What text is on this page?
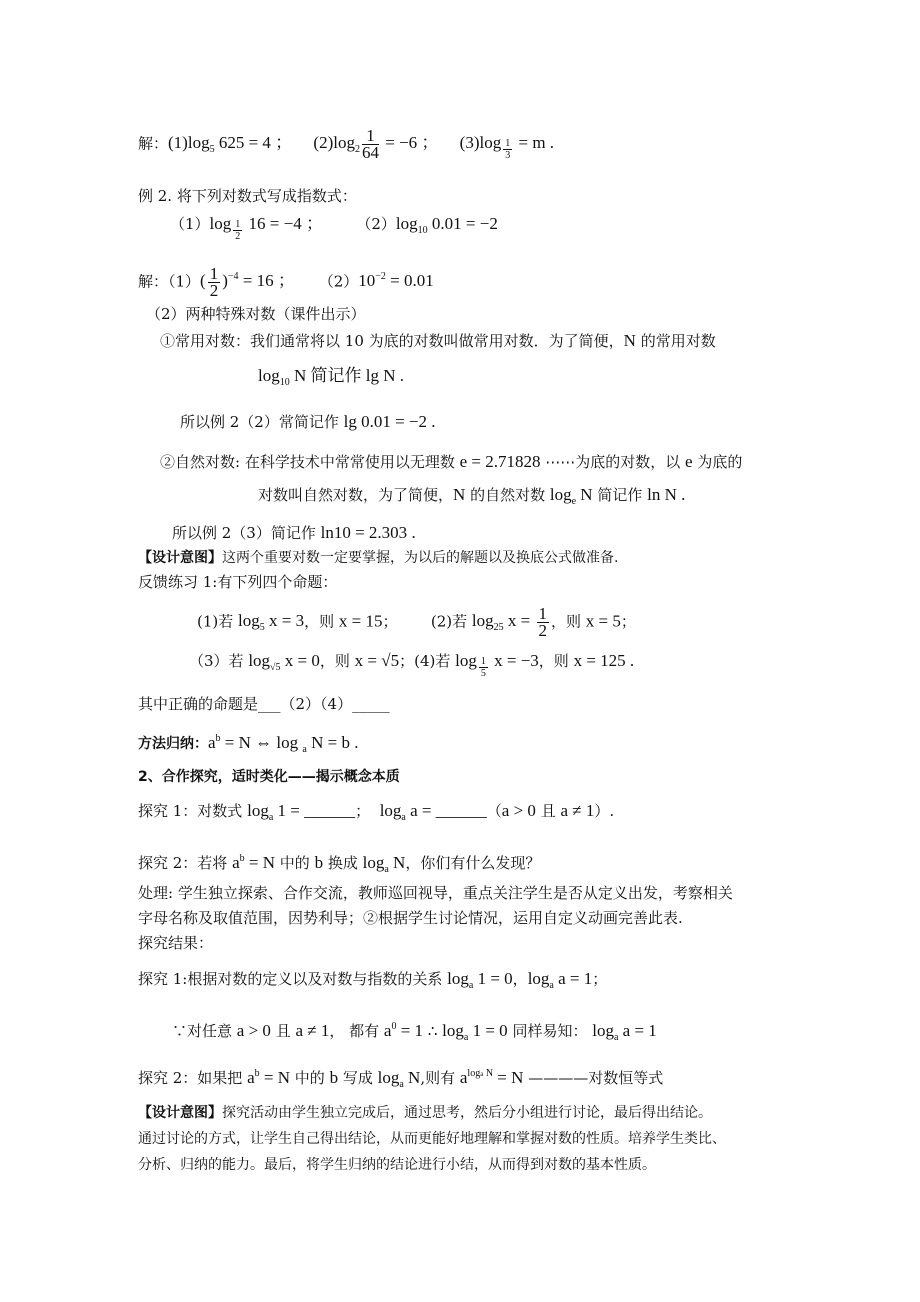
解：$(1)\log_5$ 625 = 4 ； $(2)\log_2 \frac{1}{64} = -6$ ； $(3)\log \frac{1}{3} = m$ .
例 2. 将下列对数式写成指数式：
$(1)\log \frac{1}{2} 16 = -4$ ； $(2)\log_{10}$ 0.01 = −2
解：$(1)( \frac{1}{2} )^{-4} = 16$ ； $(2)10^{-2} = 0.01$
（2）两种特殊对数（课件出示）
①常用对数：我们通常将以 10 为底的对数叫做常用对数．为了简便，N 的常用对数
$\log_{10} N$ 简记作 lg N .
所以例 2（2）常简记作 lg 0.01 = −2 .
②自然对数: 在科学技术中常常使用以无理数 e = 2.71828 ⋯⋯为底的对数，以 e 为底的
对数叫自然对数，为了简便，N 的自然对数 $\log_e N$ 简记作 ln N .
所以例 2（3）简记作 ln10 = 2.303 .
【设计意图】这两个重要对数一定要掌握，为以后的解题以及换底公式做准备.
反馈练习 1:有下列四个命题：
(1)若 $\log_5 x = 3$，则 x = 15； (2)若 $\log_{25} x = \frac{1}{2}$ ，则 x = 5；
（3）若 $\log_{√5} x = 0$，则 x = √5；(4)若 $\log \frac{1}{5}$ x = −3，则 x = 125 .
其中正确的命题是___（2）（4）_____
方法归纳：$a^b = N$ ⇔ log $_a$ N = b .
2、合作探究，适时类化——揭示概念本质
探究 1：对数式 $\log_a 1$ = ______； $\log_a a$ = ______（a > 0 且 a ≠ 1）.
探究 2：若将 $a^b = N$ 中的 b 换成 $\log_a N$，你们有什么发现？
处理: 学生独立探索、合作交流，教师巡回视导，重点关注学生是否从定义出发，考察相关
字母名称及取值范围，因势利导；②根据学生讨论情况，运用自定义动画完善此表.
探究结果：
探究 1:根据对数的定义以及对数与指数的关系 $\log_a 1 = 0$，$\log_a a = 1$；
∵对任意 a > 0 且 a ≠ 1， 都有 $a^0 = 1$ ∴ $\log_a 1 = 0$ 同样易知： $\log_a a = 1$
探究 2：如果把 $a^b = N$ 中的 b 写成 $\log_a N$,则有 $a^{loga N} = N$ ————对数恒等式
【设计意图】探究活动由学生独立完成后，通过思考，然后分小组进行讨论，最后得出结论。
通过讨论的方式，让学生自己得出结论，从而更能好地理解和掌握对数的性质。培养学生类比、
分析、归纳的能力。最后，将学生归纳的结论进行小结，从而得到对数的基本性质。
